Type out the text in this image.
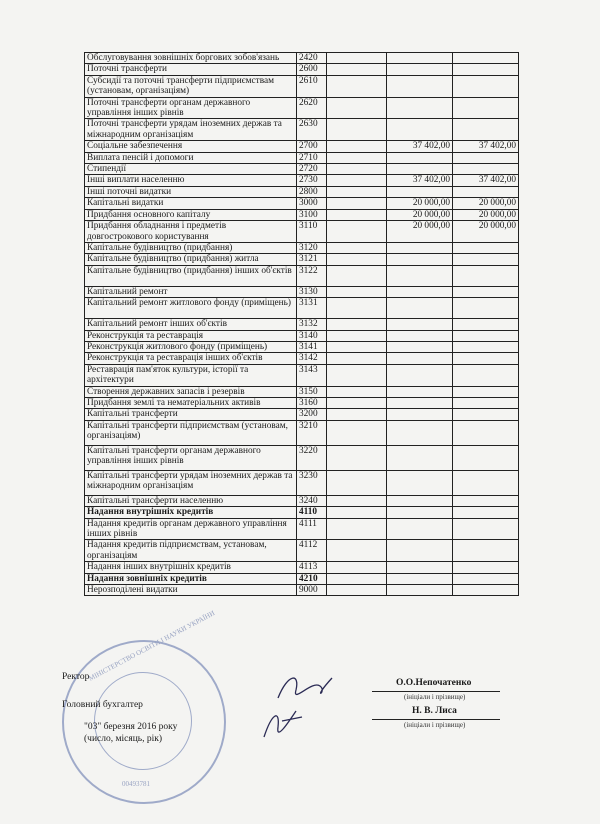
Обслуговування зовнішніх боргових зобов'язань	2420			
Поточні трансферти	2600			
Субсидії та поточні трансферти підприємствам (установам, організаціям)	2610			
Поточні трансферти органам державного управління інших рівнів	2620			
Поточні трансферти урядам іноземних держав та міжнародним організаціям	2630			
Соціальне забезпечення	2700		37 402,00	37 402,00
Виплата пенсій і допомоги	2710			
Стипендії	2720			
Інші виплати населенню	2730		37 402,00	37 402,00
Інші поточні видатки	2800			
Капітальні видатки	3000		20 000,00	20 000,00
Придбання основного капіталу	3100		20 000,00	20 000,00
Придбання обладнання і предметів довгострокового користування	3110		20 000,00	20 000,00
Капітальне будівництво (придбання)	3120			
Капітальне будівництво (придбання) житла	3121			
Капітальне будівництво (придбання) інших об'єктів	3122			
Капітальний ремонт	3130			
Капітальний ремонт житлового фонду (приміщень)	3131			
Капітальний ремонт інших об'єктів	3132			
Реконструкція та реставрація	3140			
Реконструкція житлового фонду (приміщень)	3141			
Реконструкція та реставрація інших об'єктів	3142			
Реставрація пам'яток культури, історії та архітектури	3143			
Створення державних запасів і резервів	3150			
Придбання землі та нематеріальних активів	3160			
Капітальні трансферти	3200			
Капітальні трансферти підприємствам (установам, організаціям)	3210			
Капітальні трансферти органам державного управління інших рівнів	3220			
Капітальні трансферти урядам іноземних держав та міжнародним організаціям	3230			
Капітальні трансферти населенню	3240			
Надання внутрішніх кредитів	4110			
Надання кредитів органам державного управління інших рівнів	4111			
Надання кредитів підприємствам, установам, організаціям	4112			
Надання інших внутрішніх кредитів	4113			
Надання зовнішніх кредитів	4210			
Нерозподілені видатки	9000			
МІНІСТЕРСТВО ОСВІТИ І НАУКИ УКРАЇНИ
00493781
Ректор
О.О.Непочатенко
(ініціали і прізвище)
Головний бухгалтер
Н. В. Лиса
(ініціали і прізвище)
"03" березня 2016 року
(число, місяць, рік)
